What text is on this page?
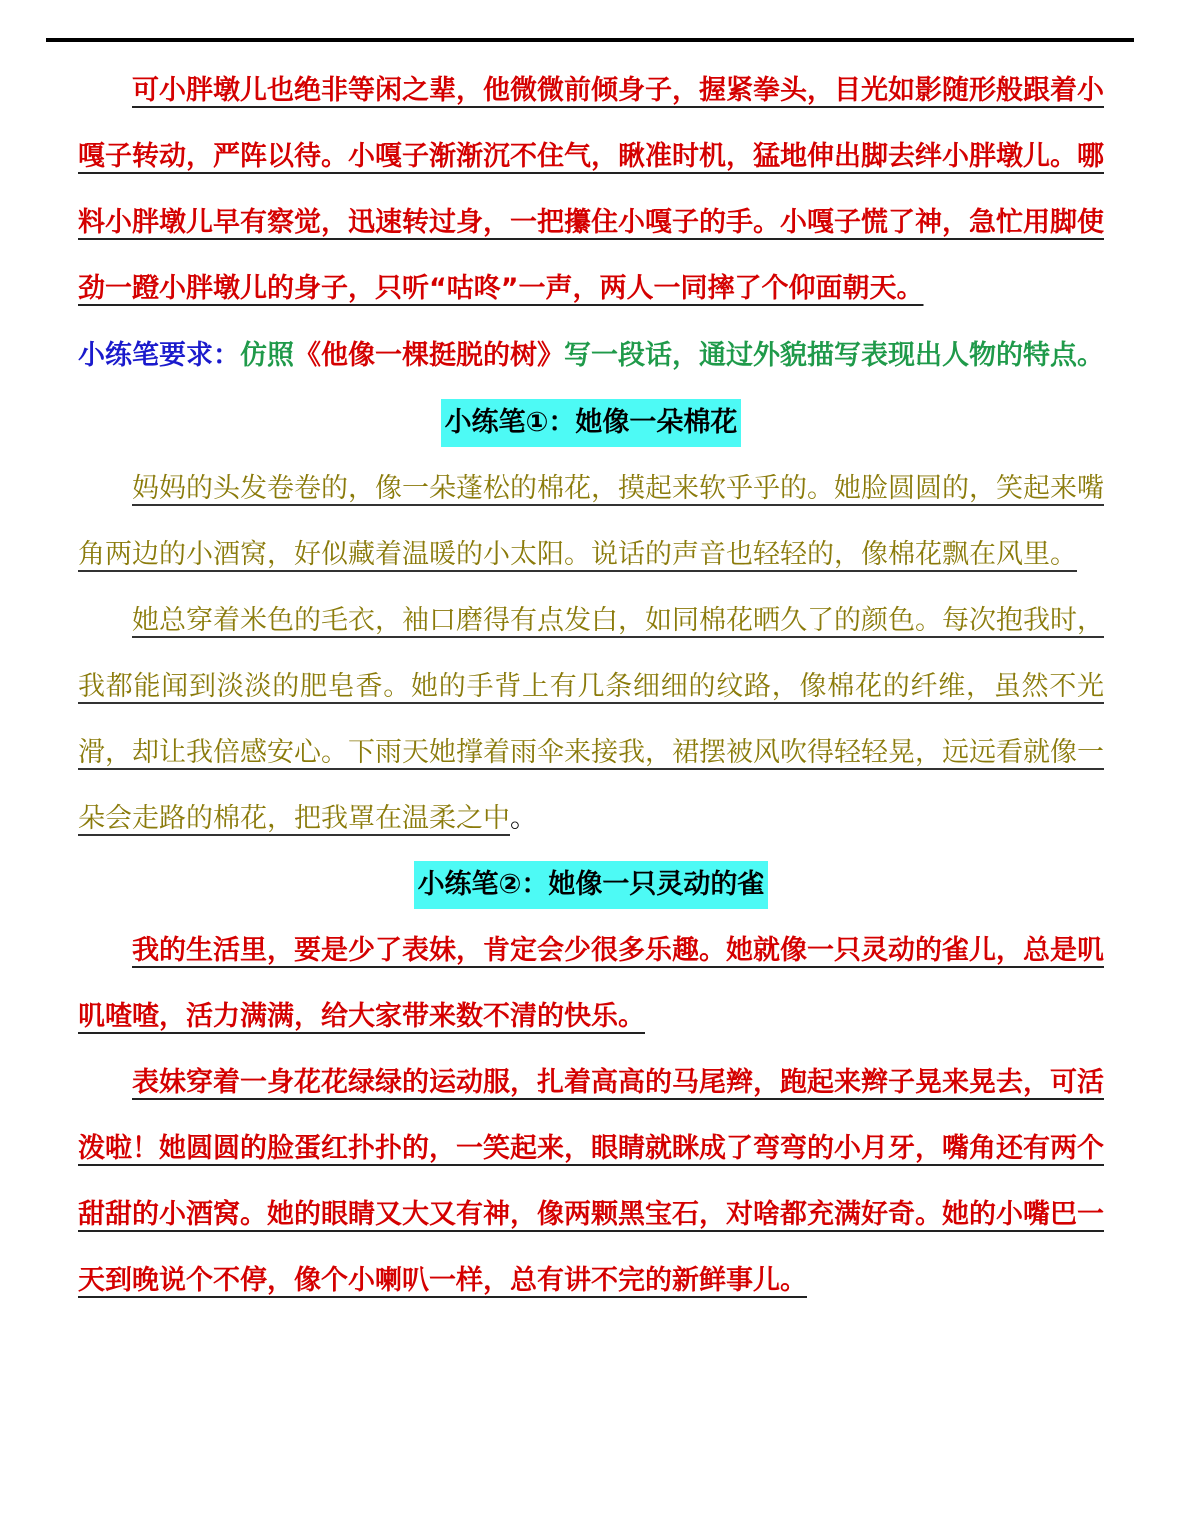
可小胖墩儿也绝非等闲之辈，他微微前倾身子，握紧拳头，目光如影随形般跟着小嘎子转动，严阵以待。小嘎子渐渐沉不住气，瞅准时机，猛地伸出脚去绊小胖墩儿。哪料小胖墩儿早有察觉，迅速转过身，一把攥住小嘎子的手。小嘎子慌了神，急忙用脚使劲一蹬小胖墩儿的身子，只听“咕咚”一声，两人一同摔了个仰面朝天。

小练笔要求：仿照《他像一棵挺脱的树》写一段话，通过外貌描写表现出人物的特点。

小练笔①：她像一朵棉花

妈妈的头发卷卷的，像一朵蓬松的棉花，摸起来软乎乎的。她脸圆圆的，笑起来嘴角两边的小酒窝，好似藏着温暖的小太阳。说话的声音也轻轻的，像棉花飘在风里。

她总穿着米色的毛衣，袖口磨得有点发白，如同棉花晒久了的颜色。每次抱我时，我都能闻到淡淡的肥皂香。她的手背上有几条细细的纹路，像棉花的纤维，虽然不光滑，却让我倍感安心。下雨天她撑着雨伞来接我，裙摆被风吹得轻轻晃，远远看就像一朵会走路的棉花，把我罩在温柔之中。

小练笔②：她像一只灵动的雀

我的生活里，要是少了表妹，肯定会少很多乐趣。她就像一只灵动的雀儿，总是叽叽喳喳，活力满满，给大家带来数不清的快乐。

表妹穿着一身花花绿绿的运动服，扎着高高的马尾辫，跑起来辫子晃来晃去，可活泼啦！她圆圆的脸蛋红扑扑的，一笑起来，眼睛就眯成了弯弯的小月牙，嘴角还有两个甜甜的小酒窝。她的眼睛又大又有神，像两颗黑宝石，对啥都充满好奇。她的小嘴巴一天到晚说个不停，像个小喇叭一样，总有讲不完的新鲜事儿。
